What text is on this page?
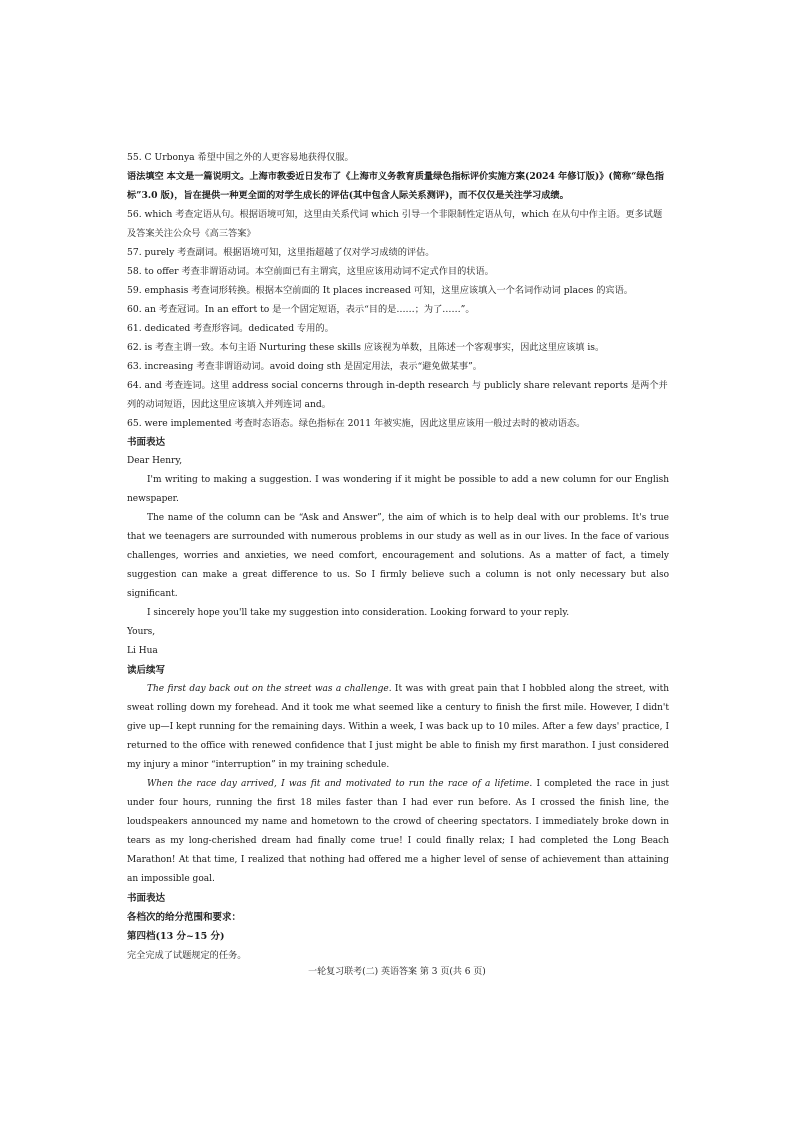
55. C Urbonya 希望中国之外的人更容易地获得仅服。
语法填空 本文是一篇说明文。上海市教委近日发布了《上海市义务教育质量绿色指标评价实施方案(2024 年修订版)》(简称“绿色指标”3.0 版)，旨在提供一种更全面的对学生成长的评估(其中包含人际关系测评)，而不仅仅是关注学习成绩。
56. which 考查定语从句。根据语境可知，这里由关系代词 which 引导一个非限制性定语从句，which 在从句中作主语。更多试题及答案关注公众号《高三答案》
57. purely 考查副词。根据语境可知，这里指超越了仅对学习成绩的评估。
58. to offer 考查非谓语动词。本空前面已有主谓宾，这里应该用动词不定式作目的状语。
59. emphasis 考查词形转换。根据本空前面的 It places increased 可知，这里应该填入一个名词作动词 places 的宾语。
60. an 考查冠词。In an effort to 是一个固定短语，表示“目的是……；为了……”。
61. dedicated 考查形容词。dedicated 专用的。
62. is 考查主谓一致。本句主语 Nurturing these skills 应该视为单数，且陈述一个客观事实，因此这里应该填 is。
63. increasing 考查非谓语动词。avoid doing sth 是固定用法，表示“避免做某事”。
64. and 考查连词。这里 address social concerns through in-depth research 与 publicly share relevant reports 是两个并列的动词短语，因此这里应该填入并列连词 and。
65. were implemented 考查时态语态。绿色指标在 2011 年被实施，因此这里应该用一般过去时的被动语态。
书面表达
Dear Henry,
I'm writing to making a suggestion. I was wondering if it might be possible to add a new column for our English newspaper.
The name of the column can be “Ask and Answer”, the aim of which is to help deal with our problems. It's true that we teenagers are surrounded with numerous problems in our study as well as in our lives. In the face of various challenges, worries and anxieties, we need comfort, encouragement and solutions. As a matter of fact, a timely suggestion can make a great difference to us. So I firmly believe such a column is not only necessary but also significant.
I sincerely hope you'll take my suggestion into consideration. Looking forward to your reply.
Yours,
Li Hua
读后续写
The first day back out on the street was a challenge. It was with great pain that I hobbled along the street, with sweat rolling down my forehead. And it took me what seemed like a century to finish the first mile. However, I didn't give up—I kept running for the remaining days. Within a week, I was back up to 10 miles. After a few days' practice, I returned to the office with renewed confidence that I just might be able to finish my first marathon. I just considered my injury a minor “interruption” in my training schedule.
When the race day arrived, I was fit and motivated to run the race of a lifetime. I completed the race in just under four hours, running the first 18 miles faster than I had ever run before. As I crossed the finish line, the loudspeakers announced my name and hometown to the crowd of cheering spectators. I immediately broke down in tears as my long-cherished dream had finally come true! I could finally relax; I had completed the Long Beach Marathon! At that time, I realized that nothing had offered me a higher level of sense of achievement than attaining an impossible goal.
书面表达
各档次的给分范围和要求：
第四档(13 分~15 分)
完全完成了试题规定的任务。
一轮复习联考(二) 英语答案 第 3 页(共 6 页)
